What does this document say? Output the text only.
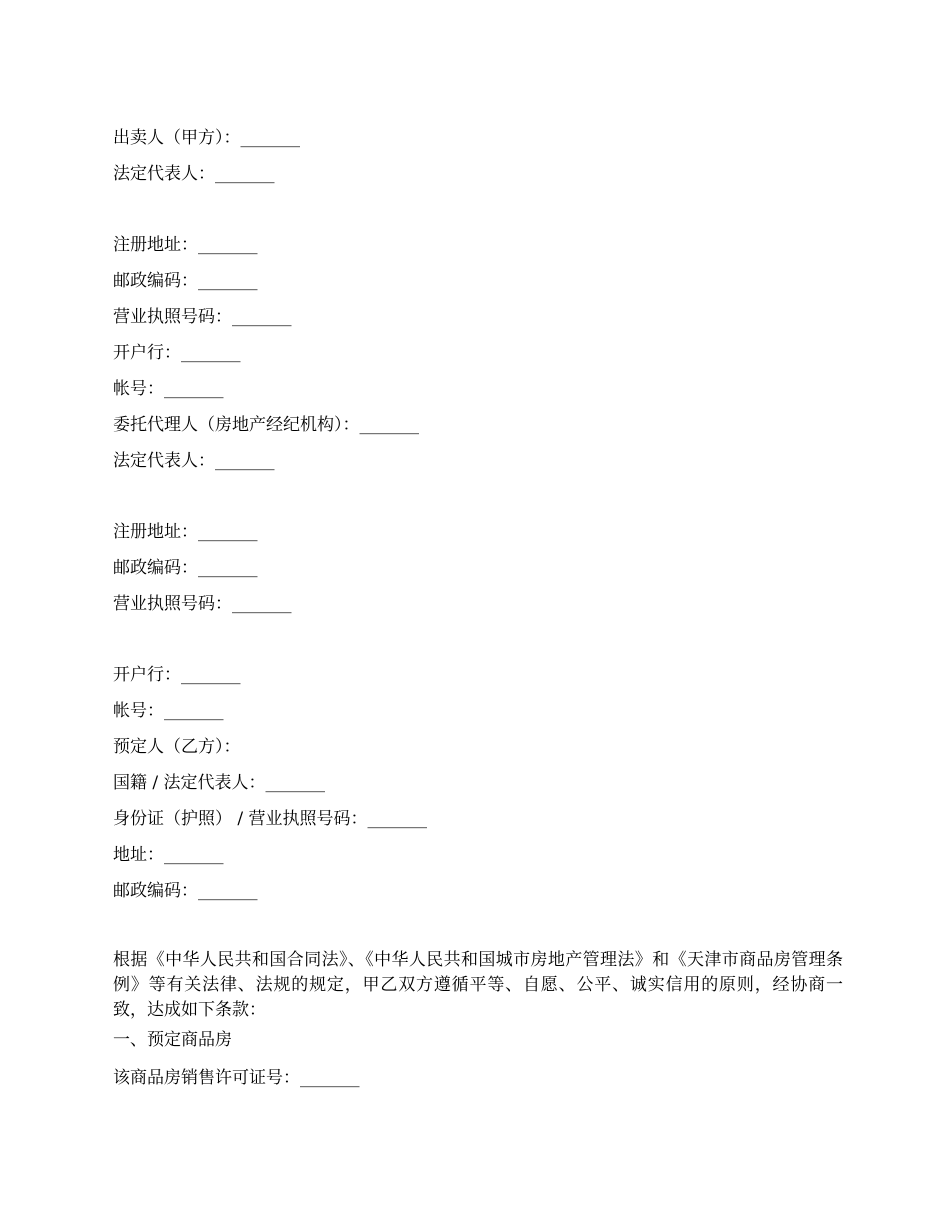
出卖人（甲方）：_______
法定代表人：_______
注册地址：_______
邮政编码：_______
营业执照号码：_______
开户行：_______
帐号：_______
委托代理人（房地产经纪机构）：_______
法定代表人：_______
注册地址：_______
邮政编码：_______
营业执照号码：_______
开户行：_______
帐号：_______
预定人（乙方）：
国籍 / 法定代表人：_______
身份证（护照） / 营业执照号码：_______
地址：_______
邮政编码：_______
根据《中华人民共和国合同法》、《中华人民共和国城市房地产管理法》和《天津市商品房管理条例》等有关法律、法规的规定，甲乙双方遵循平等、自愿、公平、诚实信用的原则，经协商一致，达成如下条款：
一、预定商品房
该商品房销售许可证号：_______
